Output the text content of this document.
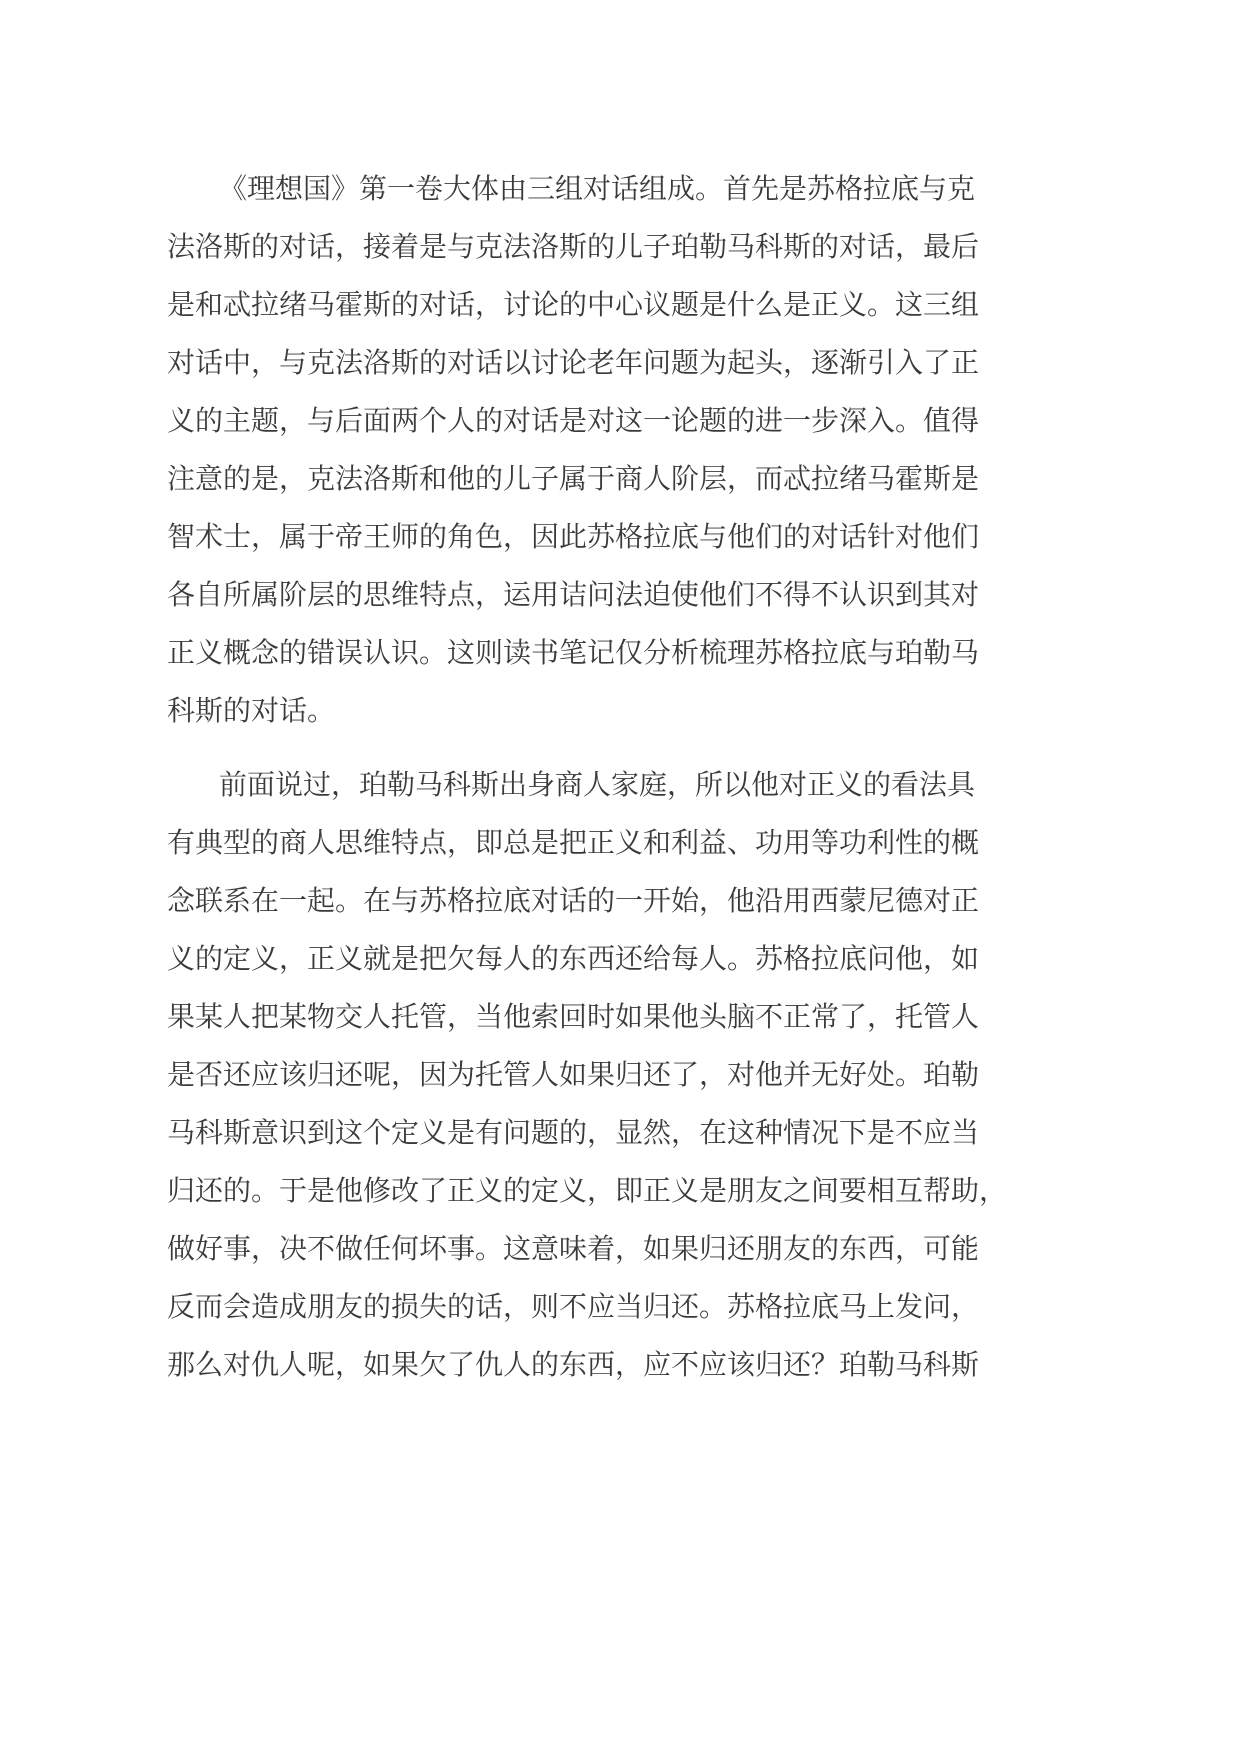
《理想国》第一卷大体由三组对话组成。首先是苏格拉底与克
法洛斯的对话，接着是与克法洛斯的儿子珀勒马科斯的对话，最后
是和忒拉绪马霍斯的对话，讨论的中心议题是什么是正义。这三组
对话中，与克法洛斯的对话以讨论老年问题为起头，逐渐引入了正
义的主题，与后面两个人的对话是对这一论题的进一步深入。值得
注意的是，克法洛斯和他的儿子属于商人阶层，而忒拉绪马霍斯是
智术士，属于帝王师的角色，因此苏格拉底与他们的对话针对他们
各自所属阶层的思维特点，运用诘问法迫使他们不得不认识到其对
正义概念的错误认识。这则读书笔记仅分析梳理苏格拉底与珀勒马
科斯的对话。

前面说过，珀勒马科斯出身商人家庭，所以他对正义的看法具
有典型的商人思维特点，即总是把正义和利益、功用等功利性的概
念联系在一起。在与苏格拉底对话的一开始，他沿用西蒙尼德对正
义的定义，正义就是把欠每人的东西还给每人。苏格拉底问他，如
果某人把某物交人托管，当他索回时如果他头脑不正常了，托管人
是否还应该归还呢，因为托管人如果归还了，对他并无好处。珀勒
马科斯意识到这个定义是有问题的，显然，在这种情况下是不应当
归还的。于是他修改了正义的定义，即正义是朋友之间要相互帮助，
做好事，决不做任何坏事。这意味着，如果归还朋友的东西，可能
反而会造成朋友的损失的话，则不应当归还。苏格拉底马上发问，
那么对仇人呢，如果欠了仇人的东西，应不应该归还？珀勒马科斯
